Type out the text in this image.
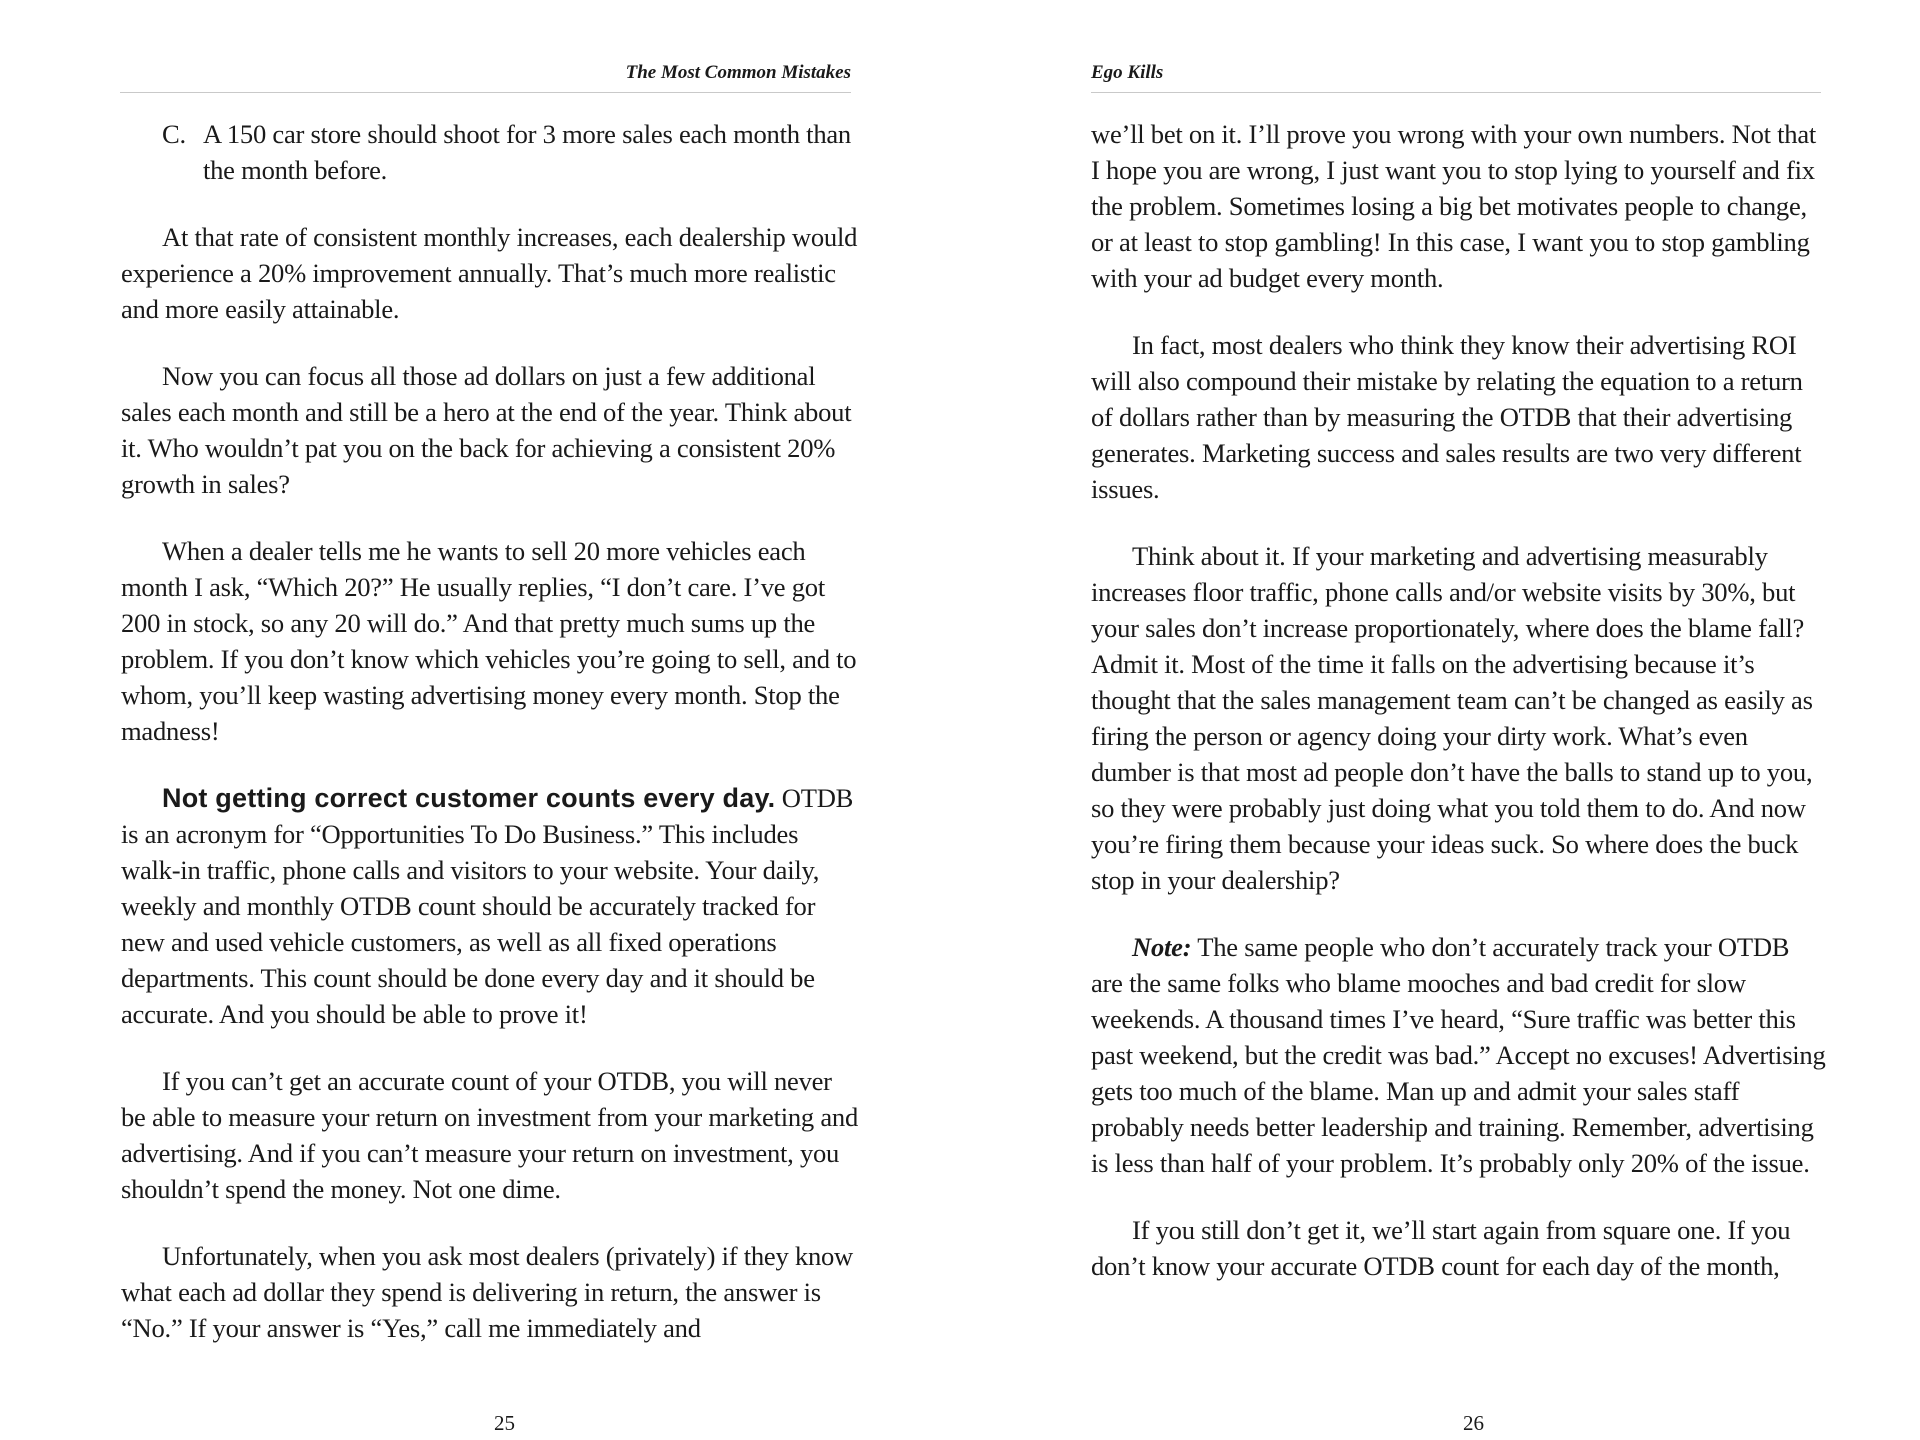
The Most Common Mistakes
C. A 150 car store should shoot for 3 more sales each month than the month before.

At that rate of consistent monthly increases, each dealership would experience a 20% improvement annually. That’s much more realistic and more easily attainable.

Now you can focus all those ad dollars on just a few additional sales each month and still be a hero at the end of the year. Think about it. Who wouldn’t pat you on the back for achieving a consistent 20% growth in sales?

When a dealer tells me he wants to sell 20 more vehicles each month I ask, “Which 20?” He usually replies, “I don’t care. I’ve got 200 in stock, so any 20 will do.” And that pretty much sums up the problem. If you don’t know which vehicles you’re going to sell, and to whom, you’ll keep wasting advertising money every month. Stop the madness!

Not getting correct customer counts every day. OTDB is an acronym for “Opportunities To Do Business.” This includes walk-in traffic, phone calls and visitors to your website. Your daily, weekly and monthly OTDB count should be accurately tracked for new and used vehicle customers, as well as all fixed operations departments. This count should be done every day and it should be accurate. And you should be able to prove it!

If you can’t get an accurate count of your OTDB, you will never be able to measure your return on investment from your marketing and advertising. And if you can’t measure your return on investment, you shouldn’t spend the money. Not one dime.

Unfortunately, when you ask most dealers (privately) if they know what each ad dollar they spend is delivering in return, the answer is “No.” If your answer is “Yes,” call me immediately and

25
Ego Kills

we’ll bet on it. I’ll prove you wrong with your own numbers. Not that I hope you are wrong, I just want you to stop lying to yourself and fix the problem. Sometimes losing a big bet motivates people to change, or at least to stop gambling! In this case, I want you to stop gambling with your ad budget every month.

In fact, most dealers who think they know their advertising ROI will also compound their mistake by relating the equation to a return of dollars rather than by measuring the OTDB that their advertising generates. Marketing success and sales results are two very different issues.

Think about it. If your marketing and advertising measurably increases floor traffic, phone calls and/or website visits by 30%, but your sales don’t increase proportionately, where does the blame fall? Admit it. Most of the time it falls on the advertising because it’s thought that the sales management team can’t be changed as easily as firing the person or agency doing your dirty work. What’s even dumber is that most ad people don’t have the balls to stand up to you, so they were probably just doing what you told them to do. And now you’re firing them because your ideas suck. So where does the buck stop in your dealership?

Note: The same people who don’t accurately track your OTDB are the same folks who blame mooches and bad credit for slow weekends. A thousand times I’ve heard, “Sure traffic was better this past weekend, but the credit was bad.” Accept no excuses! Advertising gets too much of the blame. Man up and admit your sales staff probably needs better leadership and training. Remember, advertising is less than half of your problem. It’s probably only 20% of the issue.

If you still don’t get it, we’ll start again from square one. If you don’t know your accurate OTDB count for each day of the month,

26
